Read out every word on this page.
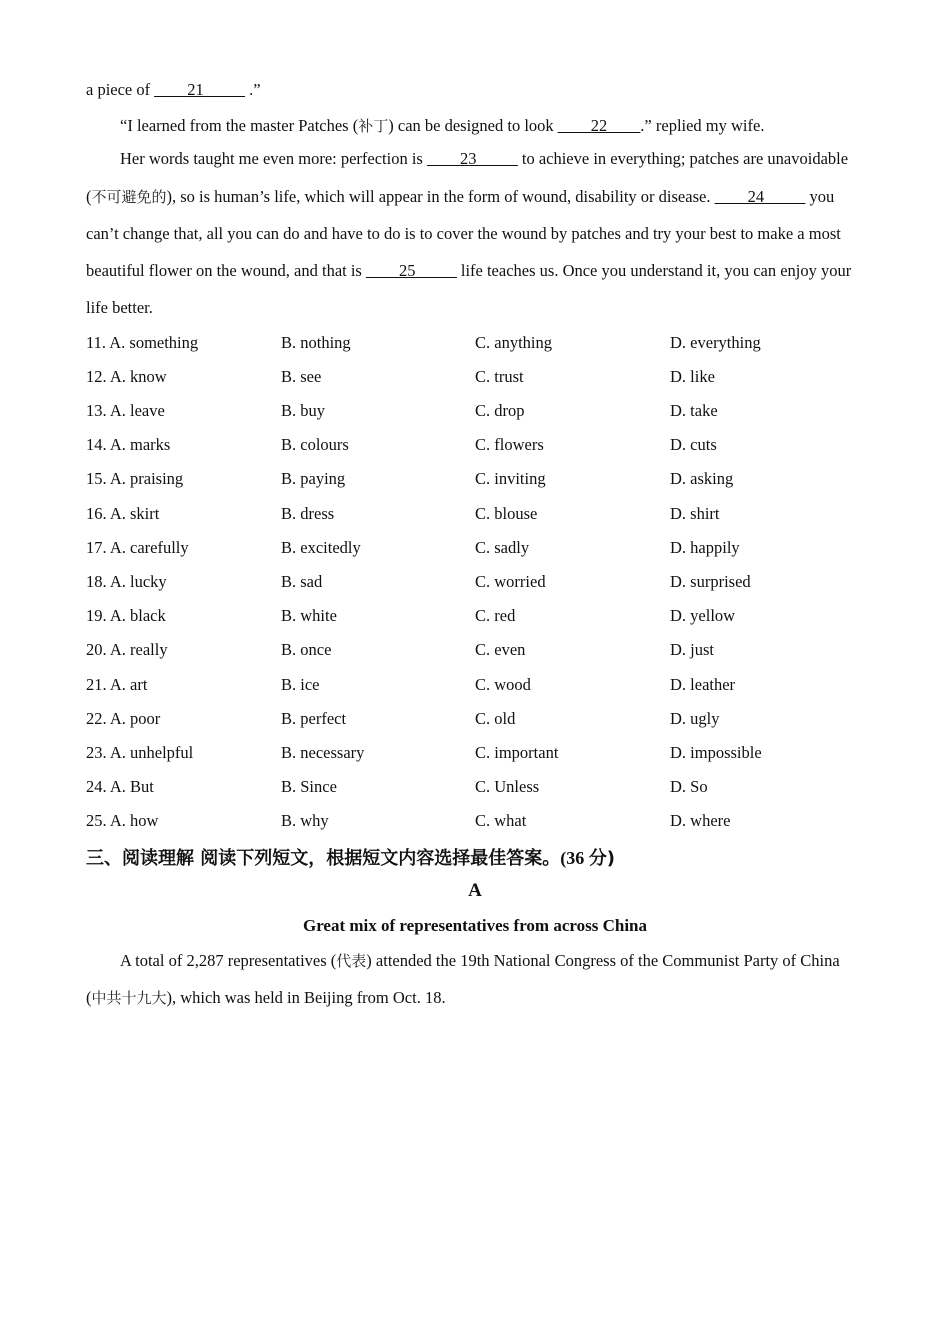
a piece of ____21_____ .”
“I learned from the master Patches (补丁) can be designed to look ____22____.” replied my wife.
Her words taught me even more: perfection is ____23_____ to achieve in everything; patches are unavoidable
(不可避免的), so is human’s life, which will appear in the form of wound, disability or disease. ____24_____ you
can’t change that, all you can do and have to do is to cover the wound by patches and try your best to make a most
beautiful flower on the wound, and that is ____25_____ life teaches us. Once you understand it, you can enjoy your
life better.
11. A. something	B. nothing	C. anything	D. everything
12. A. know	B. see	C. trust	D. like
13. A. leave	B. buy	C. drop	D. take
14. A. marks	B. colours	C. flowers	D. cuts
15. A. praising	B. paying	C. inviting	D. asking
16. A. skirt	B. dress	C. blouse	D. shirt
17. A. carefully	B. excitedly	C. sadly	D. happily
18. A. lucky	B. sad	C. worried	D. surprised
19. A. black	B. white	C. red	D. yellow
20. A. really	B. once	C. even	D. just
21. A. art	B. ice	C. wood	D. leather
22. A. poor	B. perfect	C. old	D. ugly
23. A. unhelpful	B. necessary	C. important	D. impossible
24. A. But	B. Since	C. Unless	D. So
25. A. how	B. why	C. what	D. where
三、阅读理解 阅读下列短文，根据短文内容选择最佳答案。(36 分)
A
Great mix of representatives from across China
A total of 2,287 representatives (代表) attended the 19th National Congress of the Communist Party of China
(中共十九大), which was held in Beijing from Oct. 18.
